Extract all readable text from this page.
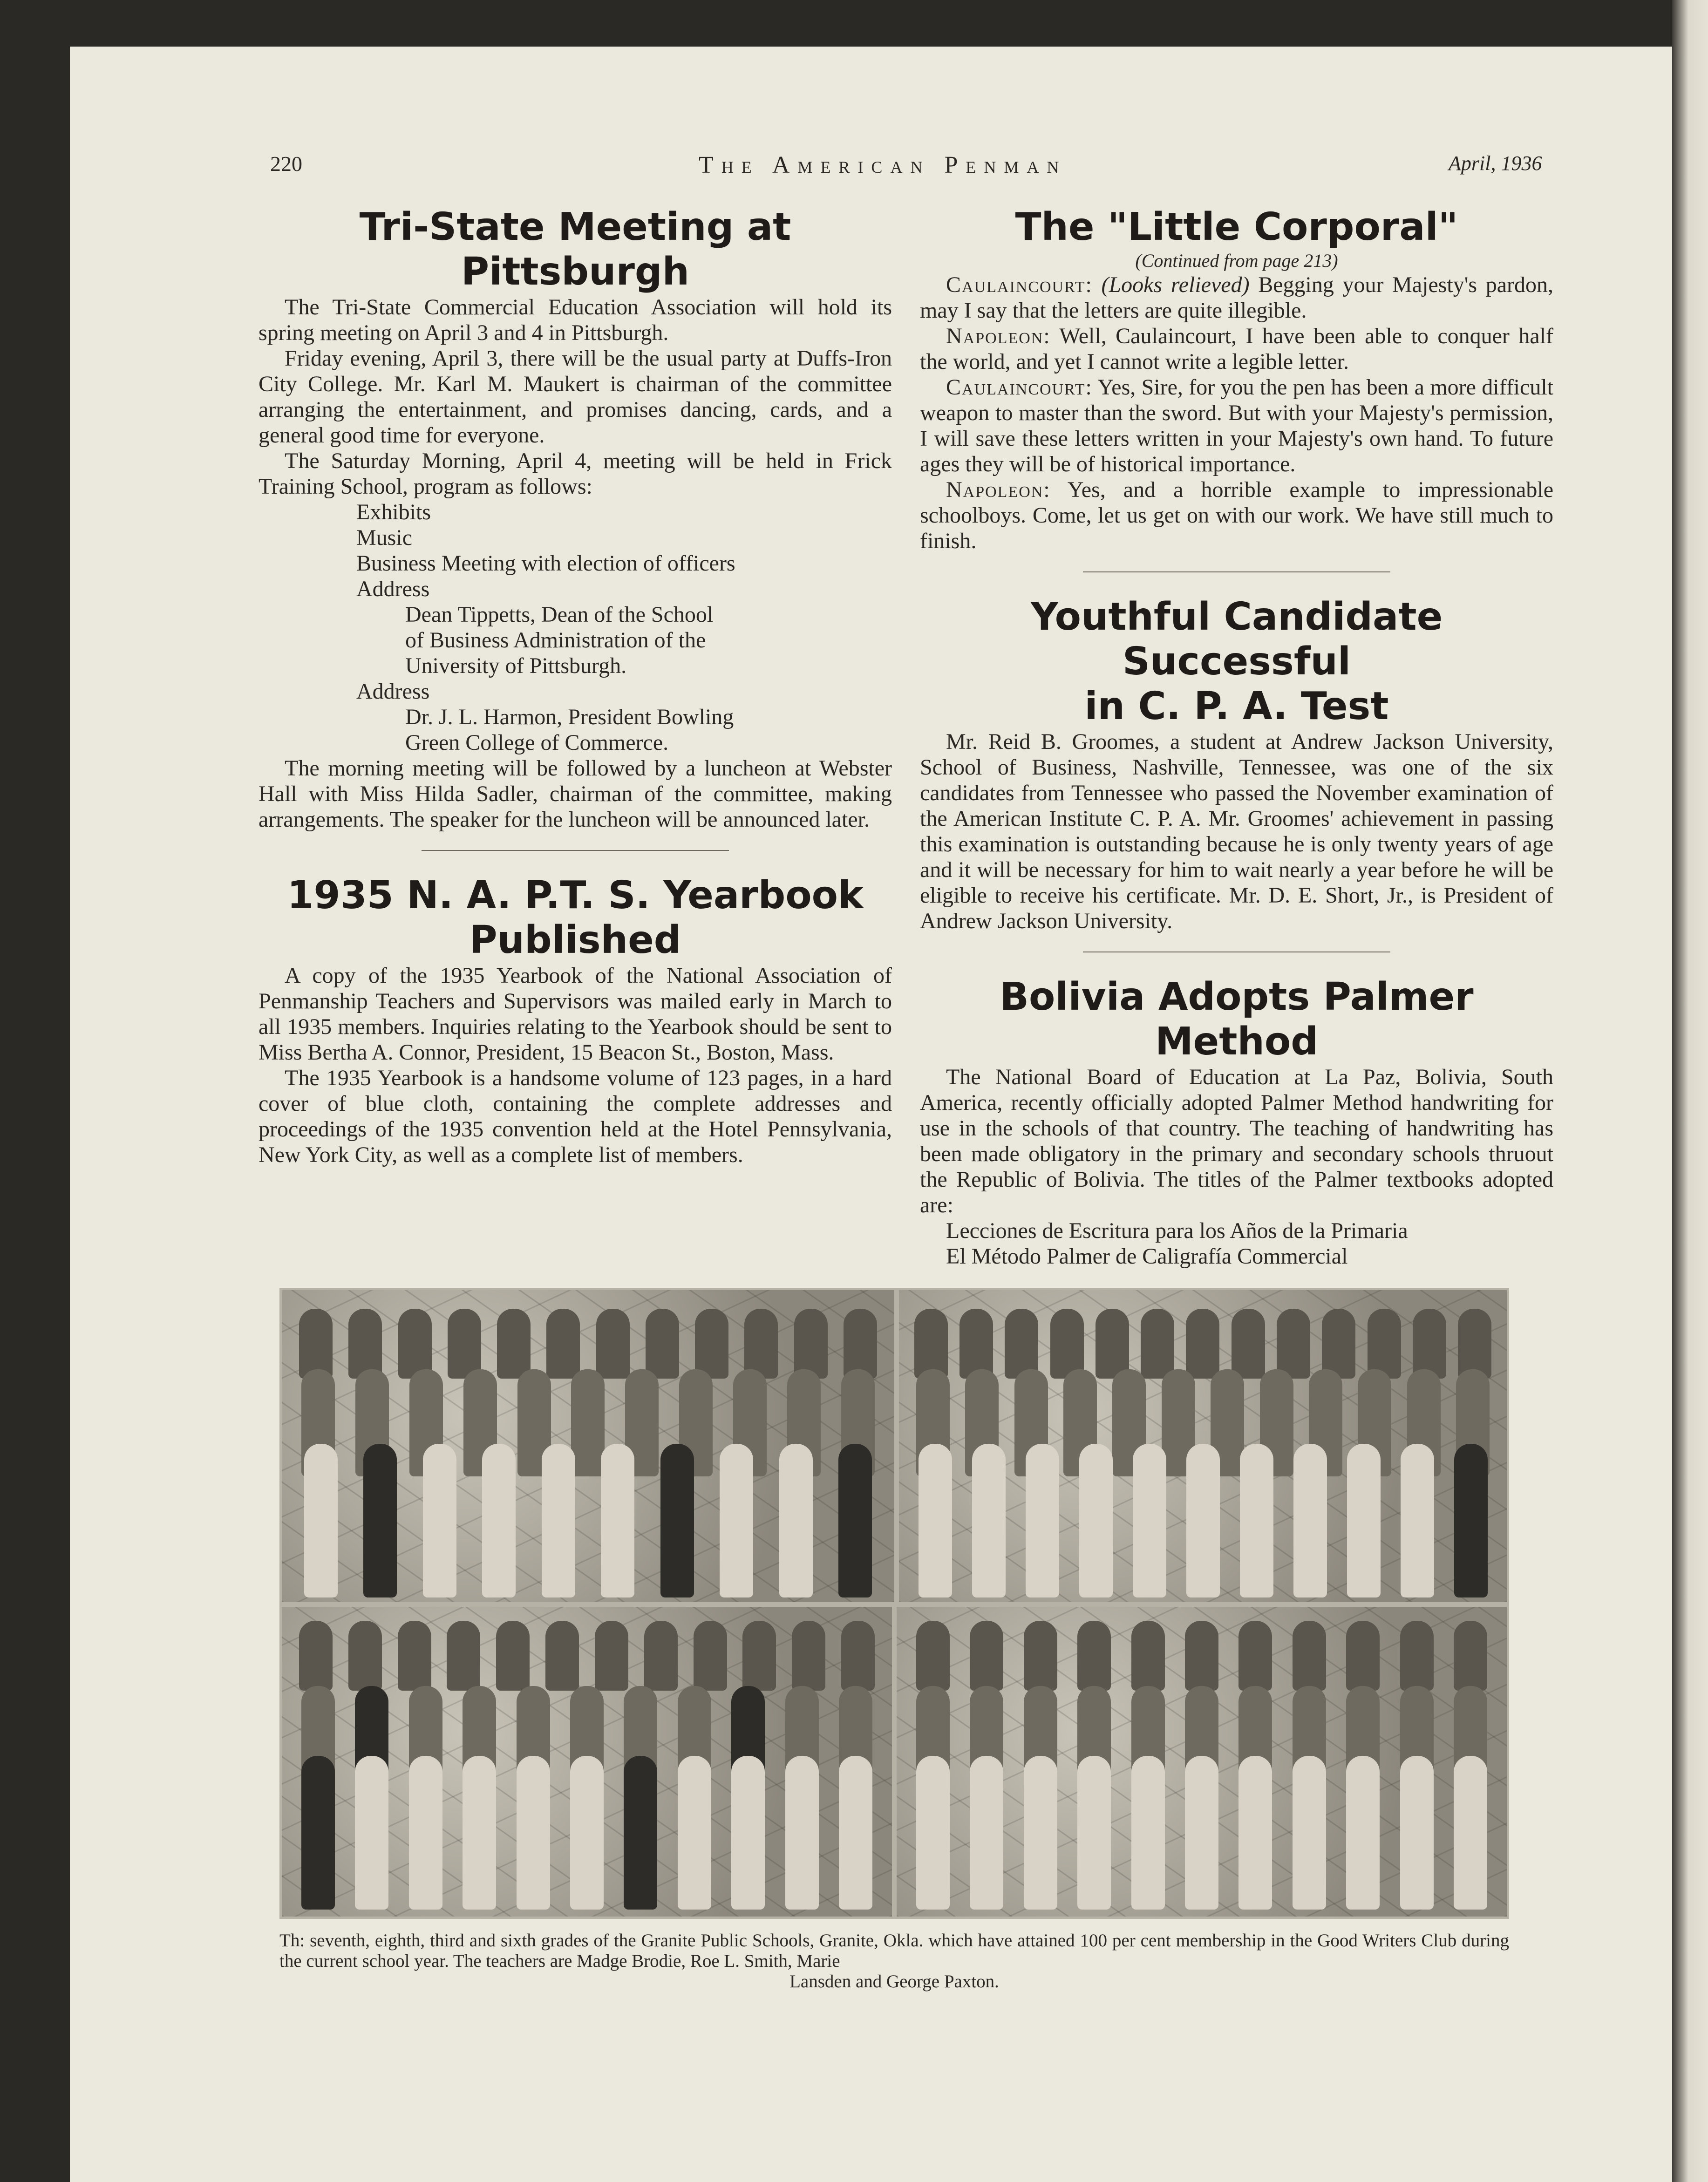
220	The American Penman	April, 1936
Tri-State Meeting at Pittsburgh

The Tri-State Commercial Education Association will hold its spring meeting on April 3 and 4 in Pittsburgh.

Friday evening, April 3, there will be the usual party at Duffs-Iron City College. Mr. Karl M. Maukert is chairman of the committee arranging the entertainment, and promises dancing, cards, and a general good time for everyone.

The Saturday Morning, April 4, meeting will be held in Frick Training School, program as follows:

Exhibits
Music
Business Meeting with election of officers
Address
Dean Tippetts, Dean of the School
of Business Administration of the
University of Pittsburgh.
Address
Dr. J. L. Harmon, President Bowling
Green College of Commerce.

The morning meeting will be followed by a luncheon at Webster Hall with Miss Hilda Sadler, chairman of the committee, making arrangements. The speaker for the luncheon will be announced later.

1935 N. A. P.T. S. Yearbook
Published

A copy of the 1935 Yearbook of the National Association of Penmanship Teachers and Supervisors was mailed early in March to all 1935 members. Inquiries relating to the Yearbook should be sent to Miss Bertha A. Connor, President, 15 Beacon St., Boston, Mass.

The 1935 Yearbook is a handsome volume of 123 pages, in a hard cover of blue cloth, containing the complete addresses and proceedings of the 1935 convention held at the Hotel Pennsylvania, New York City, as well as a complete list of members.

The "Little Corporal"

(Continued from page 213)

Caulaincourt: (Looks relieved) Begging your Majesty's pardon, may I say that the letters are quite illegible.

Napoleon: Well, Caulaincourt, I have been able to conquer half the world, and yet I cannot write a legible letter.

Caulaincourt: Yes, Sire, for you the pen has been a more difficult weapon to master than the sword. But with your Majesty's permission, I will save these letters written in your Majesty's own hand. To future ages they will be of historical importance.

Napoleon: Yes, and a horrible example to impressionable schoolboys. Come, let us get on with our work. We have still much to finish.

Youthful Candidate Successful
in C. P. A. Test

Mr. Reid B. Groomes, a student at Andrew Jackson University, School of Business, Nashville, Tennessee, was one of the six candidates from Tennessee who passed the November examination of the American Institute C. P. A. Mr. Groomes' achievement in passing this examination is outstanding because he is only twenty years of age and it will be necessary for him to wait nearly a year before he will be eligible to receive his certificate. Mr. D. E. Short, Jr., is President of Andrew Jackson University.

Bolivia Adopts Palmer Method

The National Board of Education at La Paz, Bolivia, South America, recently officially adopted Palmer Method handwriting for use in the schools of that country. The teaching of handwriting has been made obligatory in the primary and secondary schools thruout the Republic of Bolivia. The titles of the Palmer textbooks adopted are:

Lecciones de Escritura para los Años de la Primaria

El Método Palmer de Caligrafía Commercial

Th: seventh, eighth, third and sixth grades of the Granite Public Schools, Granite, Okla. which have attained 100 per cent membership in the Good Writers Club during the current school year. The teachers are Madge Brodie, Roe L. Smith, Marie
Lansden and George Paxton.
